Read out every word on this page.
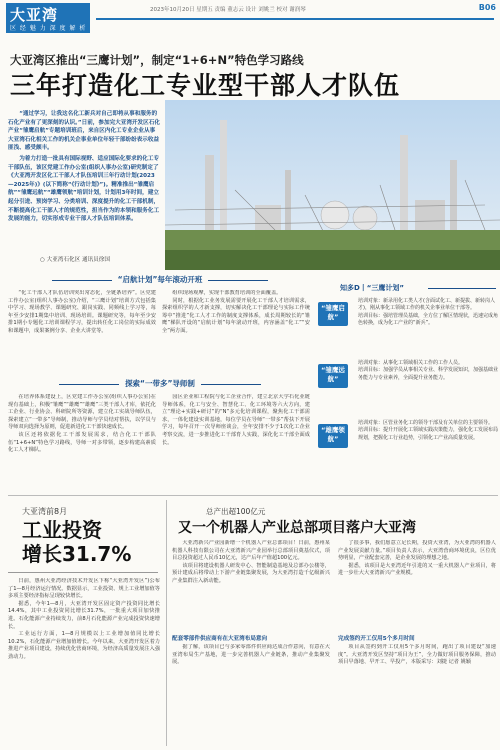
大亚湾
区 经 魅 力 深 度 解 析
2023年10月20日 星期五 责编 董志云 设计 刘姚兰 校对 谢润琴	B06
大亚湾区推出“三鹰计划”，制定“1+6+N”特色学习路线
三年打造化工专业型干部人才队伍

“通过学习，让我这名化工新兵对自己即将从事和服务的石化产业有了更深刻的认识。”日前，参加完大亚湾开发区石化产业“雏鹰启航”专题培训班后，来自区内化工专业企业从事大亚湾石化相关工作的机关企事业单位年轻干部纷纷表示收益匪浅、感受颇丰。

为着力打造一批具有国际视野、适应国际化要求的化工专干部队伍，该区党建工作办公室(组织人事办公室)研究制定了《大亚湾开发区化工干部人才队伍培训三年行动计划(2023—2025年)》(以下简称“《行动计划》”)。精准推出“雏鹰启航”“雏鹰远航”“雄鹰领航”培训计划，计划用3年时间，建立起分引进、预岗学习、分类培训、深度提升的化工干部机制，不断提高化工干部人才的规范性，担当作为的本领和服务化工发展的能力，切实形成专业干部人才队伍培训体系。

○ 大亚湾石化区 通讯员徐国
“启航计划”每年滚动开班

“化工干部人才队伍培训突出常态化，全链条培养”。区党建工作办公室(组织人事办公室)介绍，“三鹰计划”培训方式包括集中学习、现场教学、课题研究、跟岗实践、同频线上学习等，每年至少安排1期集中培训、现场培训。课题研究等，每年至少安排1期小专题化工培训课程学习，提出转任化工岗位的实际成效和课题中，成果案例分享、企业大讲堂等。

组织现场观摩，实现干部教育培训的全面覆盖。

同时，根据化工业务发展需要开展化工干部人才培训需求，探索组织学的人才新支撑，切实解决化工干部理论与实际工作统筹中“推进”化工人才工作的制度支撑体系，成长周期较长的“雏鹰”梯队开设的“启航计划”每年滚动开班，内容涵盖“化工”“安全”两方面。

探索“一带多”导师制

在培养体系建设上，区党建工作办公室(组织人事办公室)在现有基础上，积极“雏鹰”“雄鹰”“雄鹰”三类干部人才库，依托化工企业、行业协会、科研院所等资源，建立化工实战导师队伍，探索建立“一带多”导师制，推动导师与学员结对帮扶，以学员与导师双向选择为原则，促进新进化工干部快速成长。

该区还将依据化工干部发展需求，结合化工干部队伍“1+6+N”特色学习路线，导师一对多带领，逐步构建高素质化工人才梯队。

园区企业和工程院与化工企业合作，建立北京大学石化业链导师体系，化工与安全、智慧化工、化工环境等六大方向，建立“理论+实践+研讨”的“N”多元化培训课程，聚焦化工干部需求，一体化建设实训基地，每位学员在导师“一带多”帮扶下开展学习，每年召开一次导师座谈会，全年安排不少于1次化工企业考察交流，进一步推进化工干部育人实践，深化化工干部全面成长。

知多D丨“三鹰计划”
“雏鹰启航”
培训对象：新录用化工类人才(含面试化工、新提拔、新转岗人才)，刚从事化工领域工作的机关企事业单位干部等。
培训目标：强培管理员基础，全方位了解区情现状，迅速完成角色转换，成为化工产业的“新兵”。
“雏鹰远航”
培训对象：从事化工领域相关工作的工作人员。
培训目标：加强学员从事相关专业、科学发展知识，加强基础业务能力与专业素养，全面提升业务能力。
“雄鹰领航”
培训对象：区管业务化工的领导干部及有关单位的主要领导。
培训目标：提升开展化工领域实践决策能力，强化化工发展布局规划，把握化工行业趋势，引领化工产业高质量发展。
大亚湾前8月
工业投资
增长31.7%

日前，惠州大亚湾经济技术开发区下称“大亚湾开发区”)公布了1—8月经济运行情况。数据显示，工业投资、规上工业增加值等多项主要经济指标呈现较快增长。

据悉，今年1—8月，大亚湾开发区固定资产投资同比增长14.4%，其中工业投资同比增长31.7%，一批重大项目加快推进。石化能源产业持续发力，前8月石化能源产业完成投资快速增长。

工业运行方面，1—8月规模以上工业增加值同比增长10.2%，石化能源产业增加值增长。今年以来，大亚湾开发区着力推进产业项目建设，持续优化营商环境，为经济高质量发展注入强劲动力。

总产出超100亿元
又一个机器人产业总部项目落户大亚湾

大亚湾新兴产业园新增一个机器人产业总部项目！日前，惠州某机器人科技有限公司在大亚湾新兴产业园举行总部项目奠基仪式，项目总投资超过人民币10亿元，达产后年产值超100亿元。

该项目将建设机器人研发中心、智能制造基地及总部办公楼等，预计建成后将带动上下游产业链集聚发展，为大亚湾打造千亿级新兴产业集群注入新动能。

配套零部件供应商有在大亚湾布局意向

据了解，该项目已与多家零部件供应商达成合作意向，有意在大亚湾布局生产基地，进一步完善机器人产业链条，推动产业集聚发展。

了很多事，我们愿意立足长期，投资大亚湾，为大亚湾的机器人产业发展贡献力量。”项目负责人表示，大亚湾营商环境优良，区位优势明显，产业配套完善，是企业发展的理想之地。

据悉，该项目是大亚湾近年引进的又一重大机器人产业项目，将进一步壮大大亚湾新兴产业规模。

完成签约开工仅用5个多月时间

项目从签约到开工仅用5个多月时间，跑出了项目建设“加速度”。大亚湾开发区坚持“项目为王”，全力做好项目服务保障，推动项目早落地、早开工、早投产，本版采写：刘捷 记者 姚颖
